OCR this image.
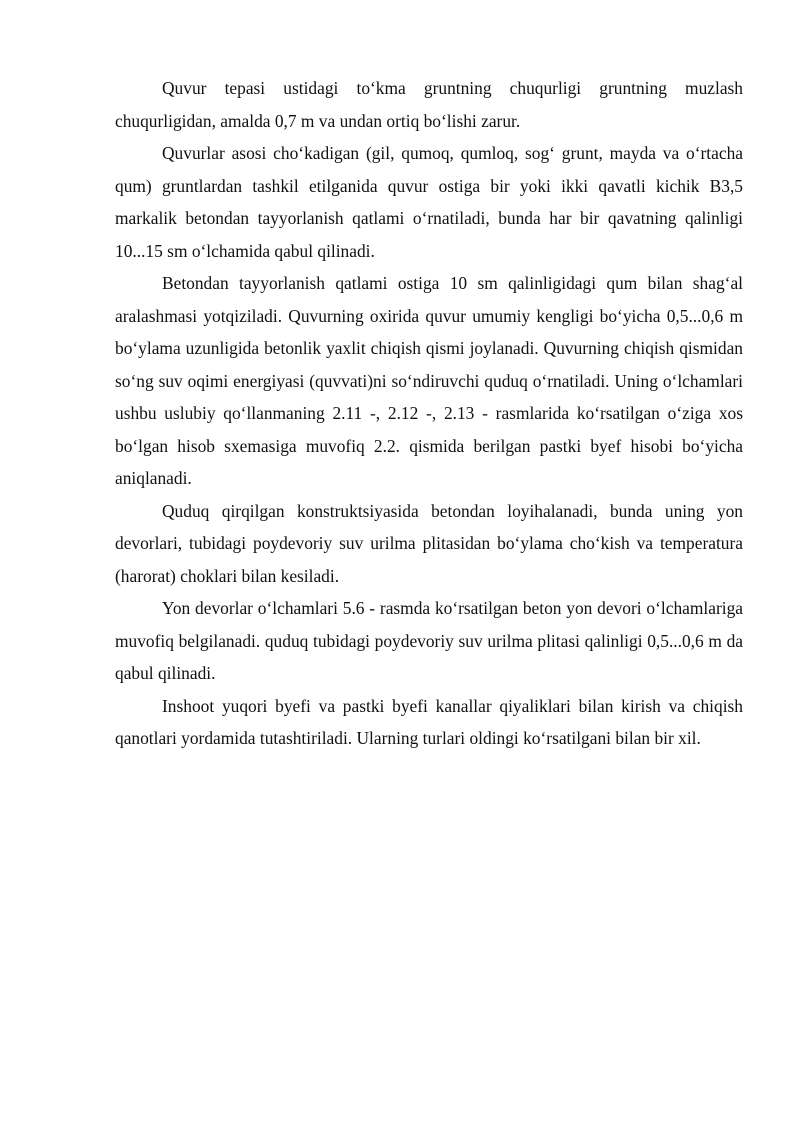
Quvur tepasi ustidagi to‘kma gruntning chuqurligi gruntning muzlash chuqurligidan, amalda 0,7 m va undan ortiq bo‘lishi zarur.

Quvurlar asosi cho‘kadigan (gil, qumoq, qumloq, sog‘ grunt, mayda va o‘rtacha qum) gruntlardan tashkil etilganida quvur ostiga bir yoki ikki qavatli kichik B3,5 markalik betondan tayyorlanish qatlami o‘rnatiladi, bunda har bir qavatning qalinligi 10...15 sm o‘lchamida qabul qilinadi.

Betondan tayyorlanish qatlami ostiga 10 sm qalinligidagi qum bilan shag‘al aralashmasi yotqiziladi. Quvurning oxirida quvur umumiy kengligi bo‘yicha 0,5...0,6 m bo‘ylama uzunligida betonlik yaxlit chiqish qismi joylanadi. Quvurning chiqish qismidan so‘ng suv oqimi energiyasi (quvvati)ni so‘ndiruvchi quduq o‘rnatiladi. Uning o‘lchamlari ushbu uslubiy qo‘llanmaning 2.11 -, 2.12 -, 2.13 - rasmlarida ko‘rsatilgan o‘ziga xos bo‘lgan hisob sxemasiga muvofiq 2.2. qismida berilgan pastki byef hisobi bo‘yicha aniqlanadi.

Quduq qirqilgan konstruktsiyasida betondan loyihalanadi, bunda uning yon devorlari, tubidagi poydevoriy suv urilma plitasidan bo‘ylama cho‘kish va temperatura (harorat) choklari bilan kesiladi.

Yon devorlar o‘lchamlari 5.6 - rasmda ko‘rsatilgan beton yon devori o‘lchamlariga muvofiq belgilanadi. quduq tubidagi poydevoriy suv urilma plitasi qalinligi 0,5...0,6 m da qabul qilinadi.

Inshoot yuqori byefi va pastki byefi kanallar qiyaliklari bilan kirish va chiqish qanotlari yordamida tutashtiriladi. Ularning turlari oldingi ko‘rsatilgani bilan bir xil.
